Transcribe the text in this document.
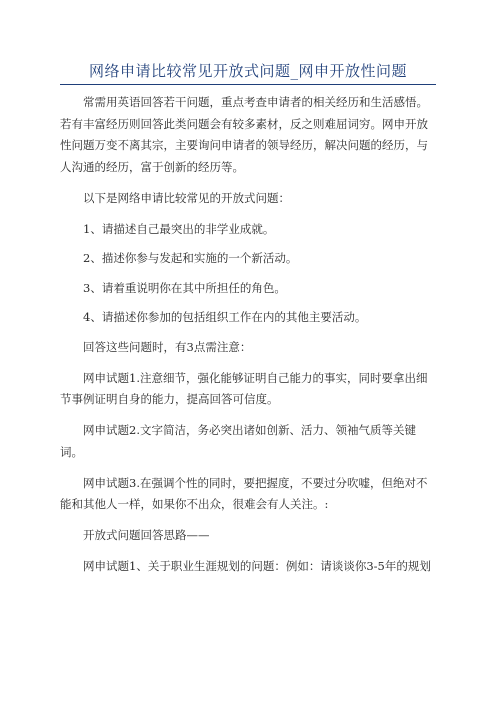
网络申请比较常见开放式问题_网申开放性问题

常需用英语回答若干问题，重点考查申请者的相关经历和生活感悟。若有丰富经历则回答此类问题会有较多素材，反之则难屈词穷。网申开放性问题万变不离其宗，主要询问申请者的领导经历，解决问题的经历，与人沟通的经历，富于创新的经历等。

以下是网络申请比较常见的开放式问题：

1、请描述自己最突出的非学业成就。

2、描述你参与发起和实施的一个新活动。

3、请着重说明你在其中所担任的角色。

4、请描述你参加的包括组织工作在内的其他主要活动。

回答这些问题时，有3点需注意：

网申试题1.注意细节，强化能够证明自己能力的事实，同时要拿出细节事例证明自身的能力，提高回答可信度。

网申试题2.文字简洁，务必突出诸如创新、活力、领袖气质等关键词。

网申试题3.在强调个性的同时，要把握度，不要过分吹嘘，但绝对不能和其他人一样，如果你不出众，很难会有人关注。:

开放式问题回答思路——

网申试题1、关于职业生涯规划的问题：例如：请谈谈你3-5年的规划
